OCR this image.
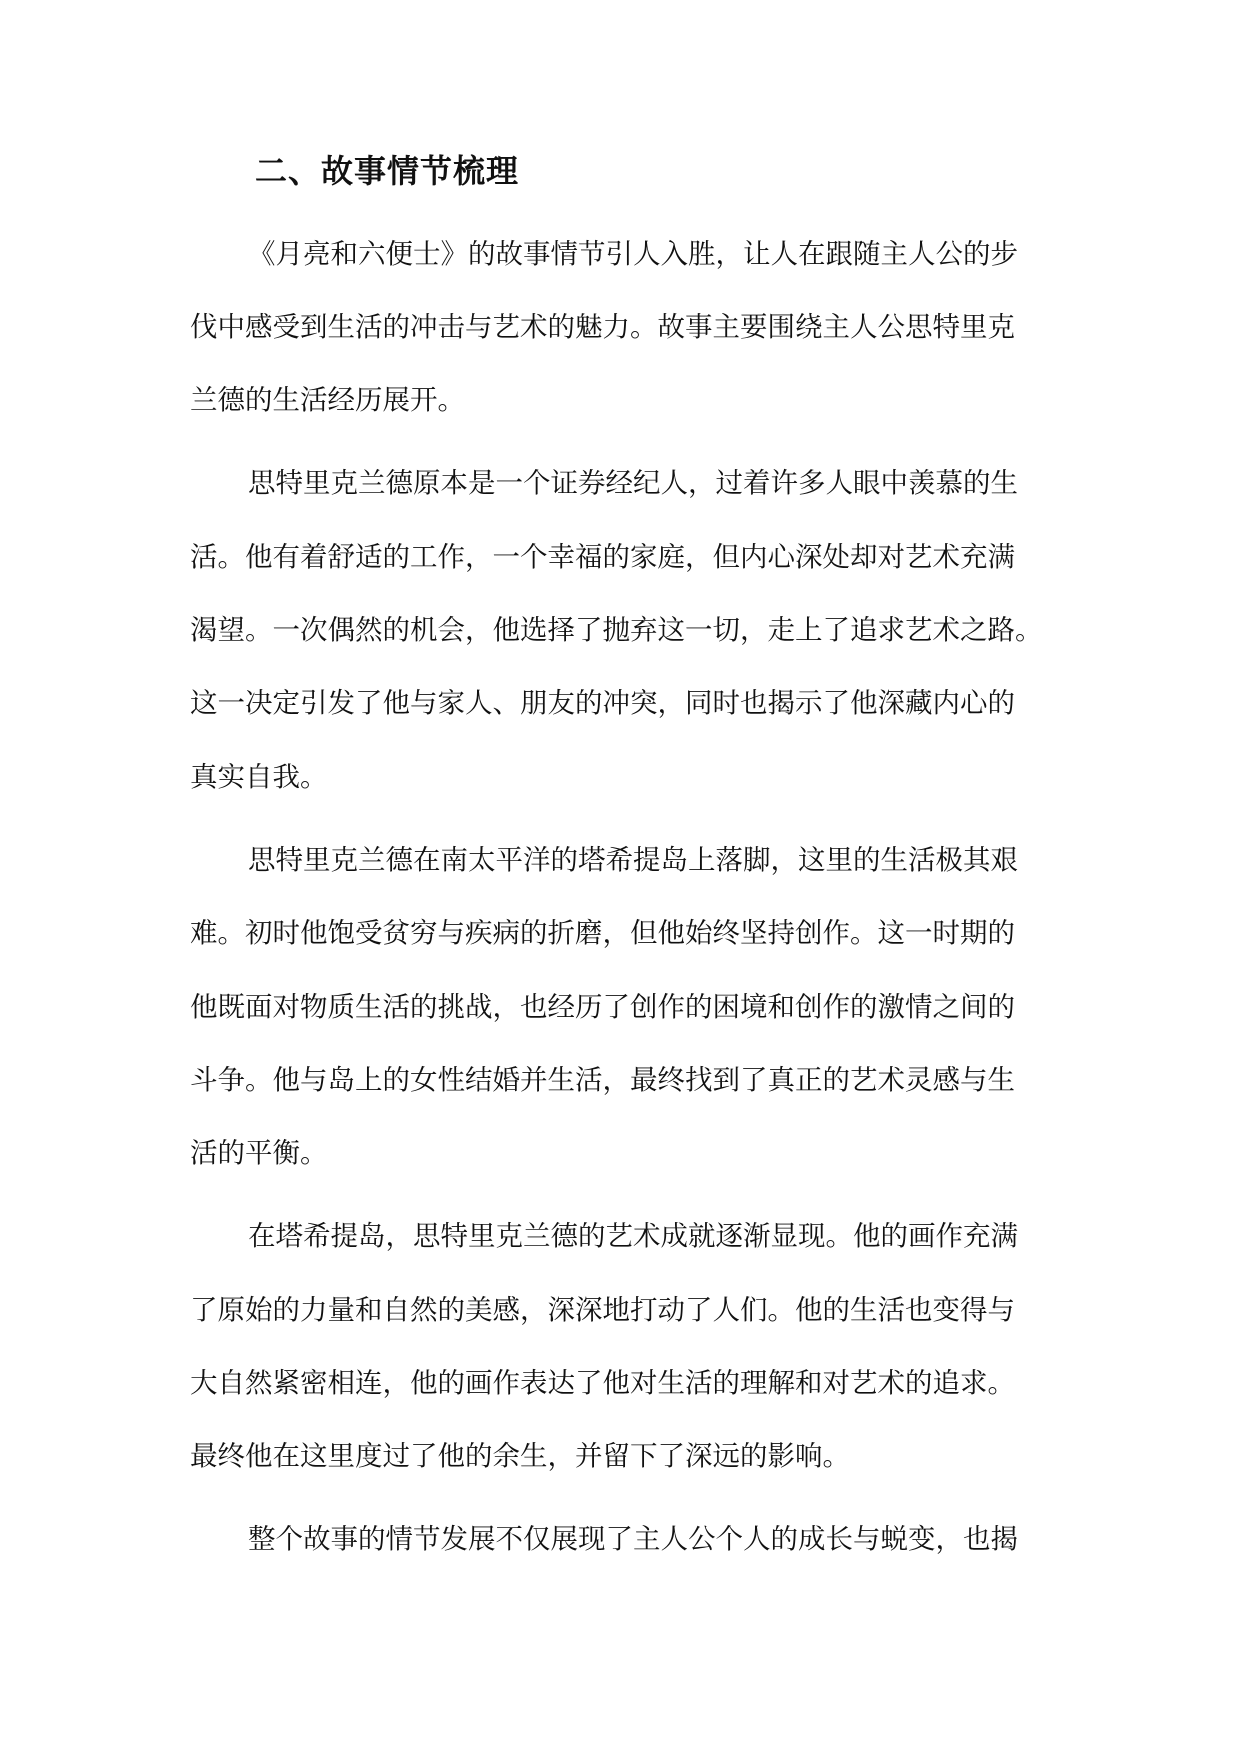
二、故事情节梳理

《月亮和六便士》的故事情节引人入胜，让人在跟随主人公的步

伐中感受到生活的冲击与艺术的魅力。故事主要围绕主人公思特里克

兰德的生活经历展开。

思特里克兰德原本是一个证券经纪人，过着许多人眼中羡慕的生

活。他有着舒适的工作，一个幸福的家庭，但内心深处却对艺术充满

渴望。一次偶然的机会，他选择了抛弃这一切，走上了追求艺术之路。

这一决定引发了他与家人、朋友的冲突，同时也揭示了他深藏内心的

真实自我。

思特里克兰德在南太平洋的塔希提岛上落脚，这里的生活极其艰

难。初时他饱受贫穷与疾病的折磨，但他始终坚持创作。这一时期的

他既面对物质生活的挑战，也经历了创作的困境和创作的激情之间的

斗争。他与岛上的女性结婚并生活，最终找到了真正的艺术灵感与生

活的平衡。

在塔希提岛，思特里克兰德的艺术成就逐渐显现。他的画作充满

了原始的力量和自然的美感，深深地打动了人们。他的生活也变得与

大自然紧密相连，他的画作表达了他对生活的理解和对艺术的追求。

最终他在这里度过了他的余生，并留下了深远的影响。

整个故事的情节发展不仅展现了主人公个人的成长与蜕变，也揭
